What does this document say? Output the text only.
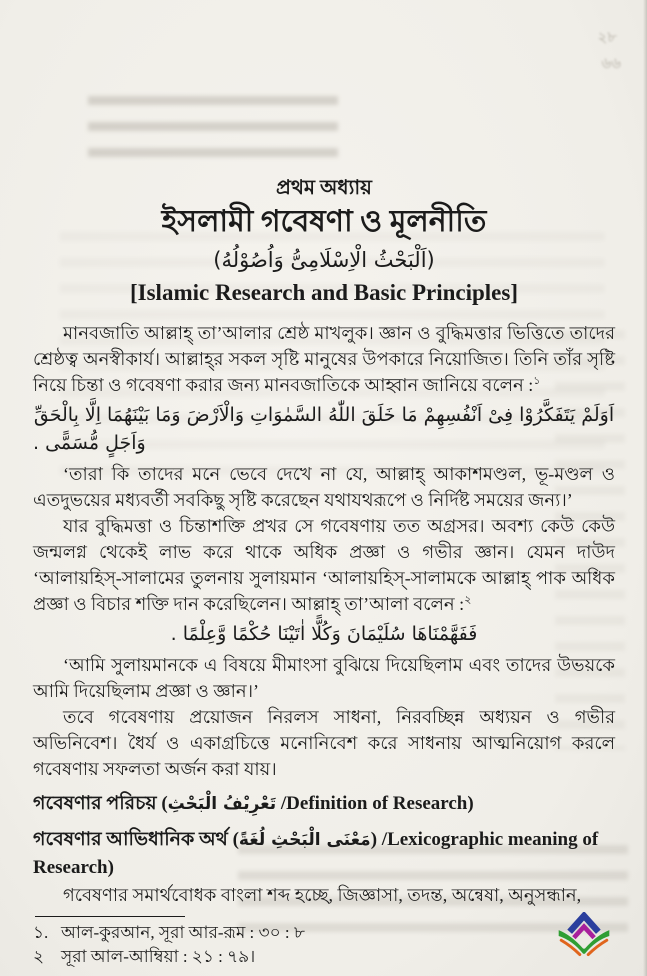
২৮
৬৬
প্রথম অধ্যায়
ইসলামী গবেষণা ও মূলনীতি
(اَلْبَحْثُ الْاِسْلَامِىُّ وَاُصُوْلُهُ)
[Islamic Research and Basic Principles]

মানবজাতি আল্লাহ্ তা’আলার শ্রেষ্ঠ মাখলুক। জ্ঞান ও বুদ্ধিমত্তার ভিত্তিতে তাদের শ্রেষ্ঠত্ব অনস্বীকার্য। আল্লাহ্‌র সকল সৃষ্টি মানুষের উপকারে নিয়োজিত। তিনি তাঁর সৃষ্টি নিয়ে চিন্তা ও গবেষণা করার জন্য মানবজাতিকে আহ্বান জানিয়ে বলেন :$^১$

اَوَلَمْ يَتَفَكَّرُوْا فِىْ اَنْفُسِهِمْ مَا خَلَقَ اللّٰهُ السَّمٰوَاتِ وَالْاَرْضَ وَمَا بَيْنَهُمَا اِلَّا بِالْحَقِّ
وَاَجَلٍ مُّسَمًّى .

‘তারা কি তাদের মনে ভেবে দেখে না যে, আল্লাহ্ আকাশমণ্ডল, ভূ-মণ্ডল ও এতদুভয়ের মধ্যবর্তী সবকিছু সৃষ্টি করেছেন যথাযথরূপে ও নির্দিষ্ট সময়ের জন্য।’

যার বুদ্ধিমত্তা ও চিন্তাশক্তি প্রখর সে গবেষণায় তত অগ্রসর। অবশ্য কেউ কেউ জন্মলগ্ন থেকেই লাভ করে থাকে অধিক প্রজ্ঞা ও গভীর জ্ঞান। যেমন দাউদ ‘আলায়হিস্‌-সালামের তুলনায় সুলায়মান ‘আলায়হিস্‌-সালামকে আল্লাহ্ পাক অধিক প্রজ্ঞা ও বিচার শক্তি দান করেছিলেন। আল্লাহ্ তা’আলা বলেন :$^২$

فَفَهَّمْنَاهَا سُلَيْمَانَ وَكُلًّا اٰتَيْنَا حُكْمًا وَّعِلْمًا .

‘আমি সুলায়মানকে এ বিষয়ে মীমাংসা বুঝিয়ে দিয়েছিলাম এবং তাদের উভয়কে আমি দিয়েছিলাম প্রজ্ঞা ও জ্ঞান।’

তবে গবেষণায় প্রয়োজন নিরলস সাধনা, নিরবচ্ছিন্ন অধ্যয়ন ও গভীর অভিনিবেশ। ধৈর্য ও একাগ্রচিত্তে মনোনিবেশ করে সাধনায় আত্মনিয়োগ করলে গবেষণায় সফলতা অর্জন করা যায়।

গবেষণার পরিচয় (تَعْرِيْفُ الْبَحْثِ /Definition of Research)
গবেষণার আভিধানিক অর্থ (مَعْنَى الْبَحْثِ لُغَةً) /Lexicographic meaning of Research)

গবেষণার সমার্থবোধক বাংলা শব্দ হচ্ছে, জিজ্ঞাসা, তদন্ত, অন্বেষা, অনুসন্ধান,

১. আল-কুরআন, সূরা আর-রূম : ৩০ : ৮
২ সূরা আল-আম্বিয়া : ২১ : ৭৯।
